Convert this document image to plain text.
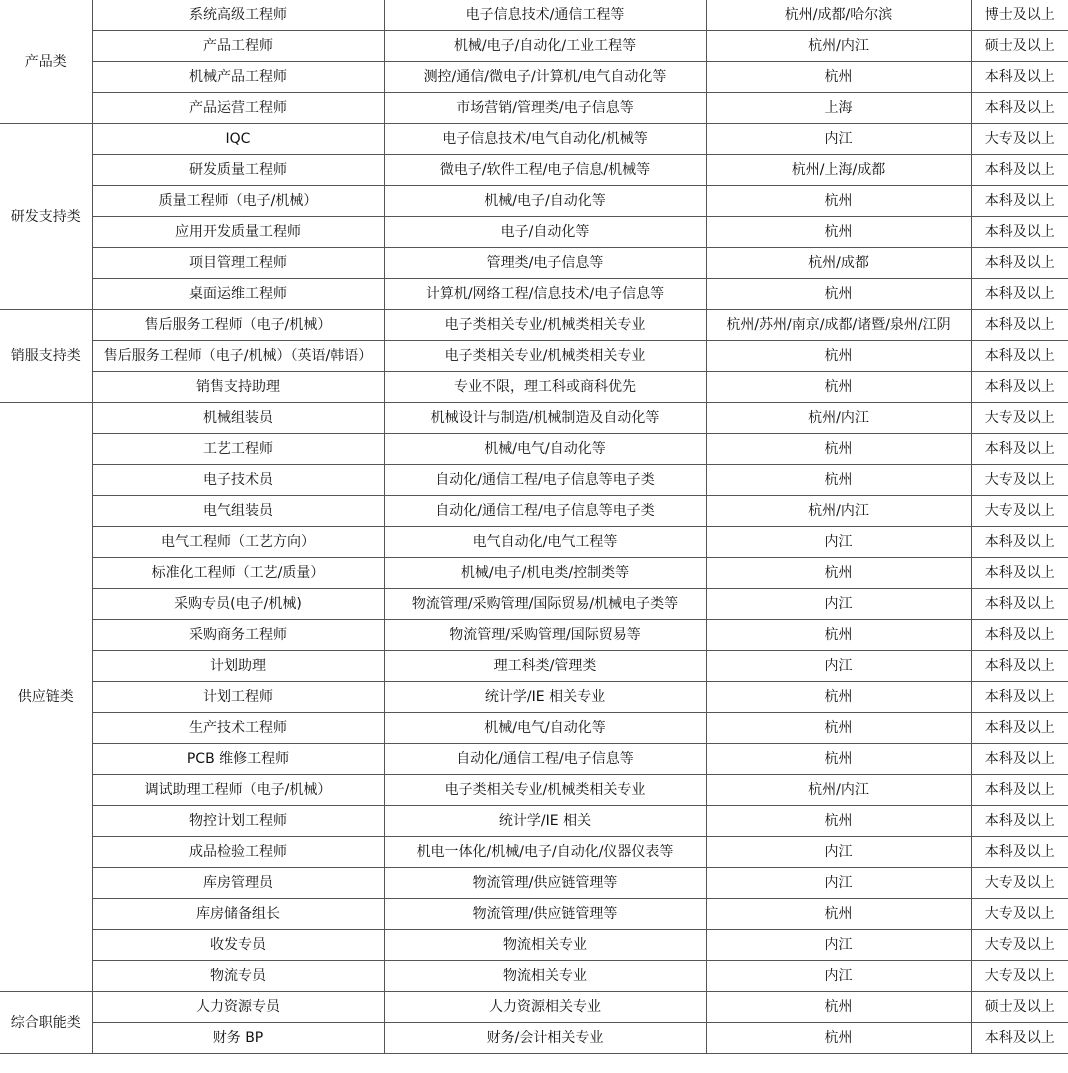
产品类	系统高级工程师	电子信息技术/通信工程等	杭州/成都/哈尔滨	博士及以上
	产品工程师	机械/电子/自动化/工业工程等	杭州/内江	硕士及以上
	机械产品工程师	测控/通信/微电子/计算机/电气自动化等	杭州	本科及以上
	产品运营工程师	市场营销/管理类/电子信息等	上海	本科及以上
研发支持类	IQC	电子信息技术/电气自动化/机械等	内江	大专及以上
	研发质量工程师	微电子/软件工程/电子信息/机械等	杭州/上海/成都	本科及以上
	质量工程师（电子/机械）	机械/电子/自动化等	杭州	本科及以上
	应用开发质量工程师	电子/自动化等	杭州	本科及以上
	项目管理工程师	管理类/电子信息等	杭州/成都	本科及以上
	桌面运维工程师	计算机/网络工程/信息技术/电子信息等	杭州	本科及以上
销服支持类	售后服务工程师（电子/机械）	电子类相关专业/机械类相关专业	杭州/苏州/南京/成都/诸暨/泉州/江阴	本科及以上
	售后服务工程师（电子/机械）（英语/韩语）	电子类相关专业/机械类相关专业	杭州	本科及以上
	销售支持助理	专业不限，理工科或商科优先	杭州	本科及以上
供应链类	机械组装员	机械设计与制造/机械制造及自动化等	杭州/内江	大专及以上
	工艺工程师	机械/电气/自动化等	杭州	本科及以上
	电子技术员	自动化/通信工程/电子信息等电子类	杭州	大专及以上
	电气组装员	自动化/通信工程/电子信息等电子类	杭州/内江	大专及以上
	电气工程师（工艺方向）	电气自动化/电气工程等	内江	本科及以上
	标准化工程师（工艺/质量）	机械/电子/机电类/控制类等	杭州	本科及以上
	采购专员(电子/机械)	物流管理/采购管理/国际贸易/机械电子类等	内江	本科及以上
	采购商务工程师	物流管理/采购管理/国际贸易等	杭州	本科及以上
	计划助理	理工科类/管理类	内江	本科及以上
	计划工程师	统计学/IE 相关专业	杭州	本科及以上
	生产技术工程师	机械/电气/自动化等	杭州	本科及以上
	PCB 维修工程师	自动化/通信工程/电子信息等	杭州	本科及以上
	调试助理工程师（电子/机械）	电子类相关专业/机械类相关专业	杭州/内江	本科及以上
	物控计划工程师	统计学/IE 相关	杭州	本科及以上
	成品检验工程师	机电一体化/机械/电子/自动化/仪器仪表等	内江	本科及以上
	库房管理员	物流管理/供应链管理等	内江	大专及以上
	库房储备组长	物流管理/供应链管理等	杭州	大专及以上
	收发专员	物流相关专业	内江	大专及以上
	物流专员	物流相关专业	内江	大专及以上
综合职能类	人力资源专员	人力资源相关专业	杭州	硕士及以上
	财务 BP	财务/会计相关专业	杭州	本科及以上
